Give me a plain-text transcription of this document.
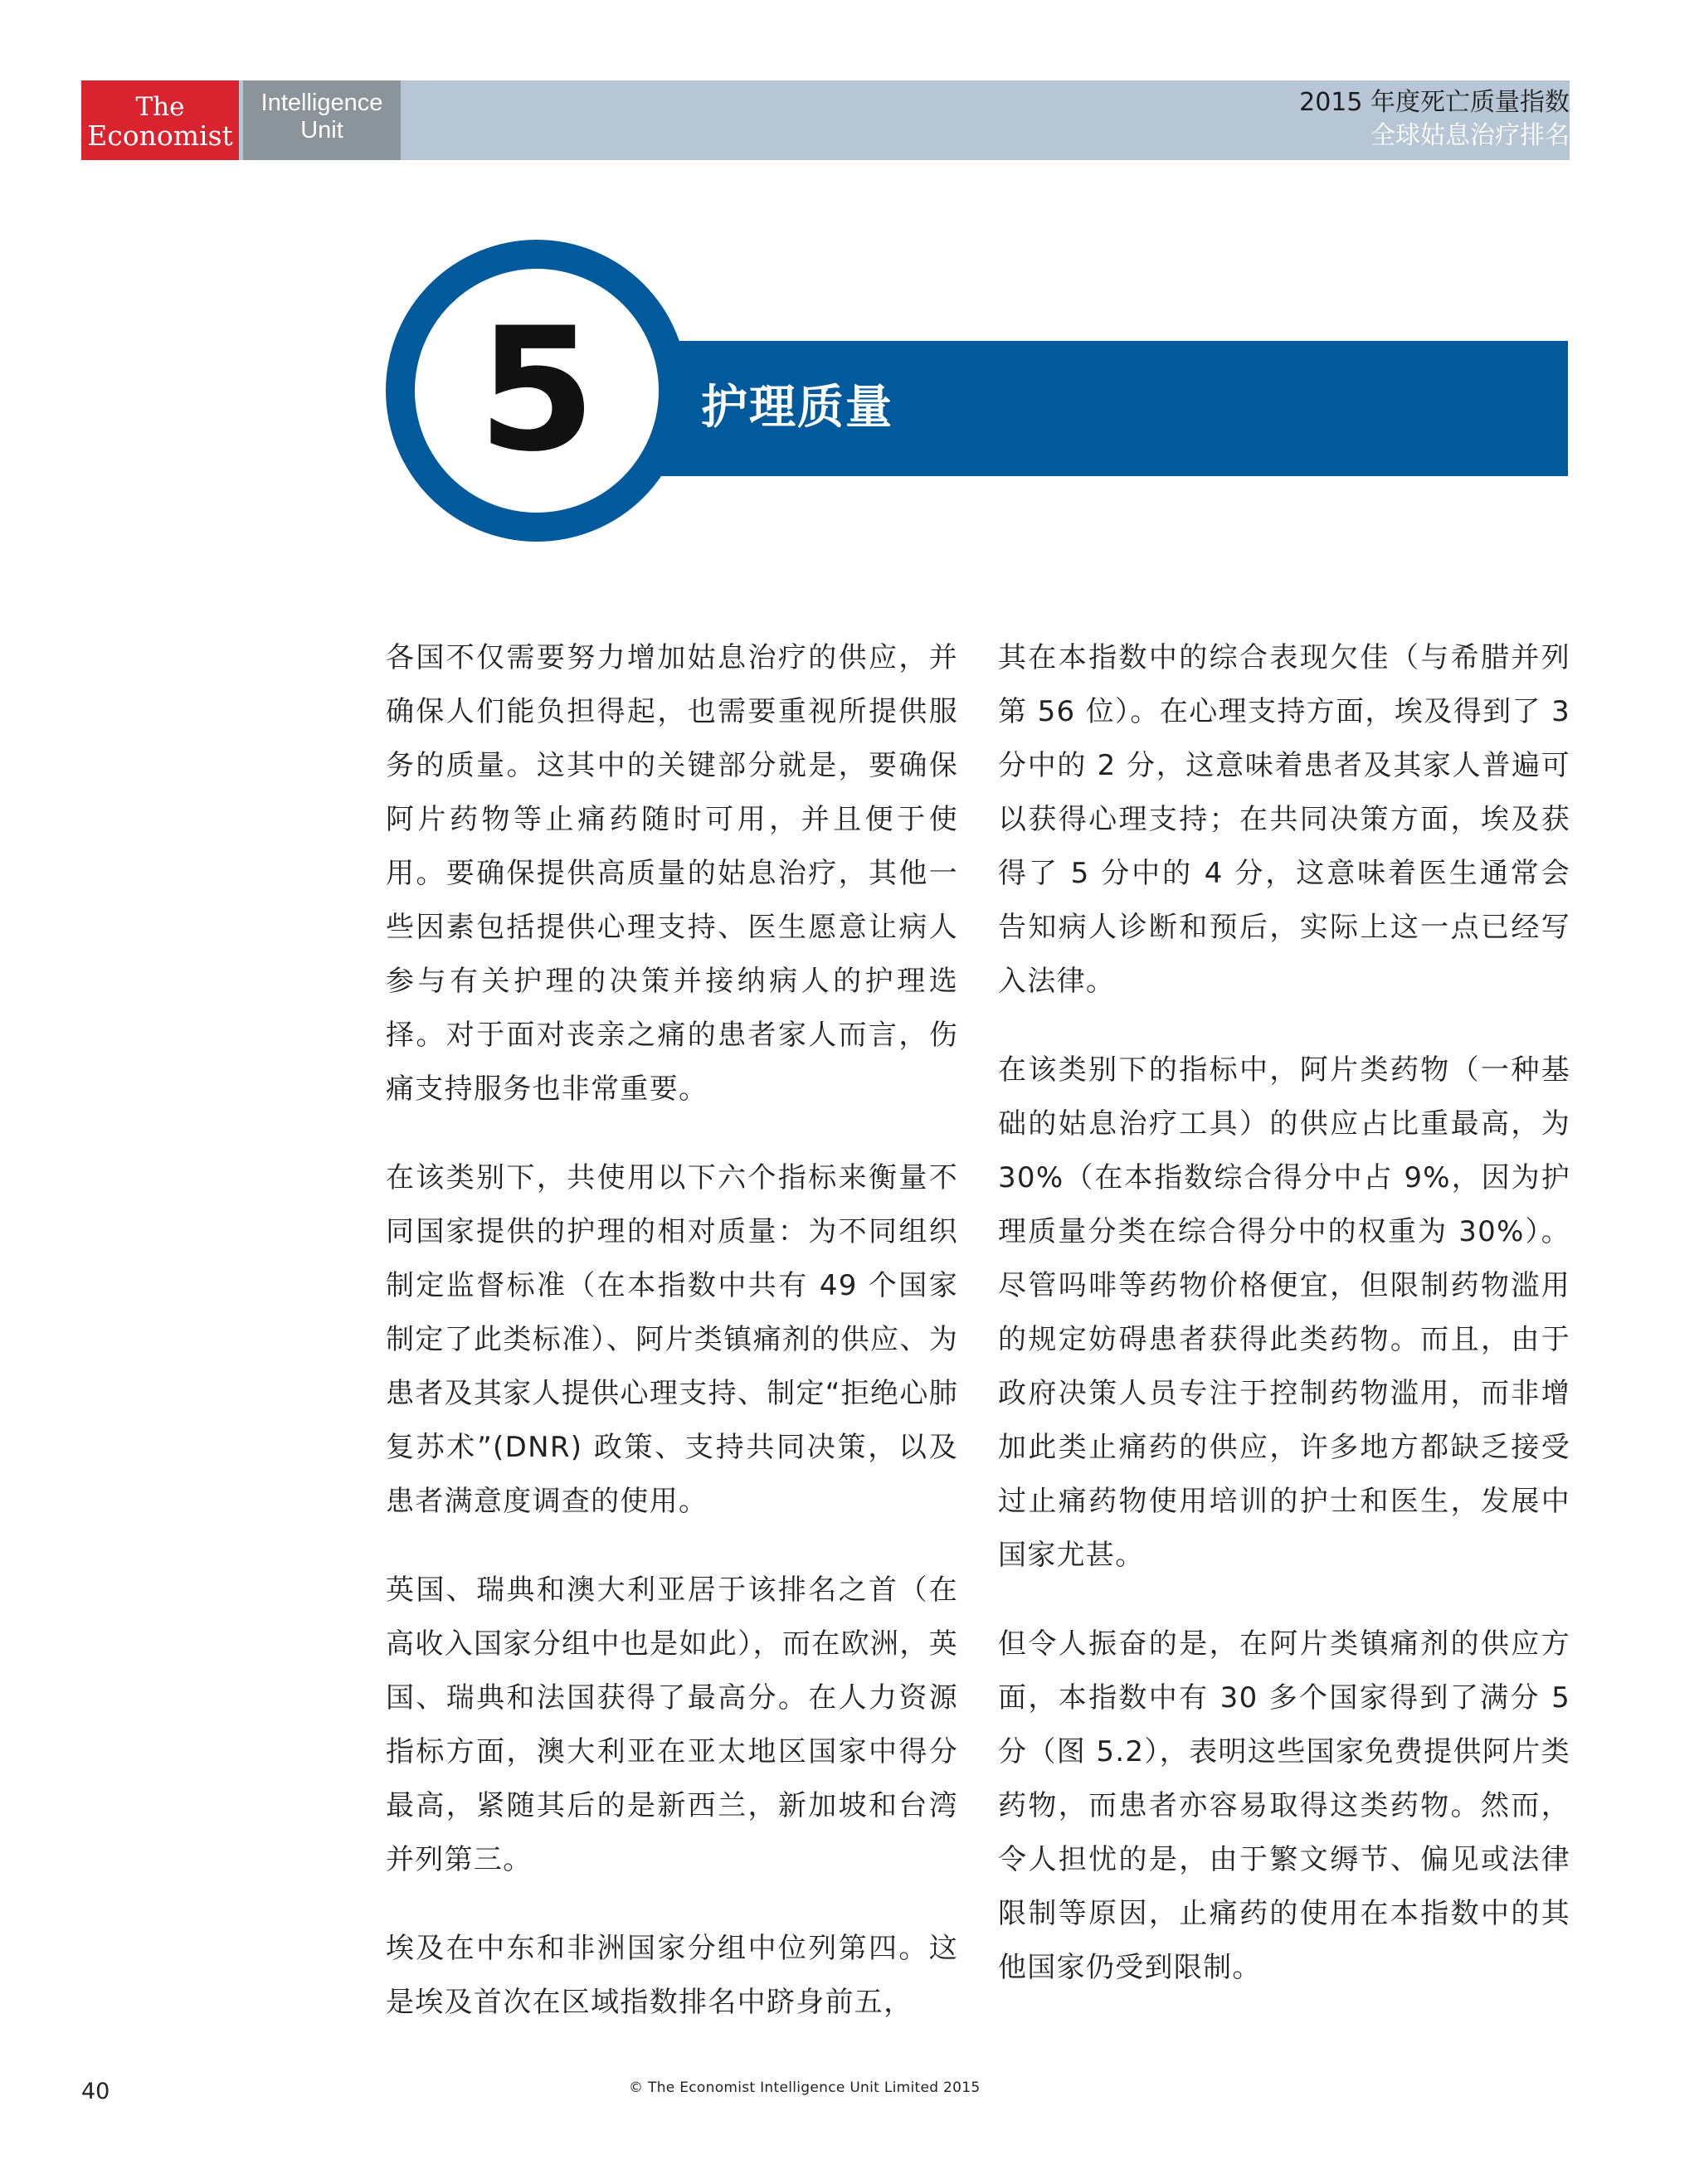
The
Economist
Intelligence
Unit
2015 年度死亡质量指数
全球姑息治疗排名
5	护理质量

各国不仅需要努力增加姑息治疗的供应，并确保人们能负担得起，也需要重视所提供服务的质量。这其中的关键部分就是，要确保阿片药物等止痛药随时可用，并且便于使用。要确保提供高质量的姑息治疗，其他一些因素包括提供心理支持、医生愿意让病人参与有关护理的决策并接纳病人的护理选择。对于面对丧亲之痛的患者家人而言，伤痛支持服务也非常重要。

在该类别下，共使用以下六个指标来衡量不同国家提供的护理的相对质量：为不同组织制定监督标准（在本指数中共有 49 个国家制定了此类标准）、阿片类镇痛剂的供应、为患者及其家人提供心理支持、制定“拒绝心肺复苏术”(DNR) 政策、支持共同决策，以及患者满意度调查的使用。

英国、瑞典和澳大利亚居于该排名之首（在高收入国家分组中也是如此），而在欧洲，英国、瑞典和法国获得了最高分。在人力资源指标方面，澳大利亚在亚太地区国家中得分最高，紧随其后的是新西兰，新加坡和台湾并列第三。

埃及在中东和非洲国家分组中位列第四。这是埃及首次在区域指数排名中跻身前五，

其在本指数中的综合表现欠佳（与希腊并列第 56 位）。在心理支持方面，埃及得到了 3 分中的 2 分，这意味着患者及其家人普遍可以获得心理支持；在共同决策方面，埃及获得了 5 分中的 4 分，这意味着医生通常会告知病人诊断和预后，实际上这一点已经写入法律。

在该类别下的指标中，阿片类药物（一种基础的姑息治疗工具）的供应占比重最高，为 30%（在本指数综合得分中占 9%，因为护理质量分类在综合得分中的权重为 30%）。尽管吗啡等药物价格便宜，但限制药物滥用的规定妨碍患者获得此类药物。而且，由于政府决策人员专注于控制药物滥用，而非增加此类止痛药的供应，许多地方都缺乏接受过止痛药物使用培训的护士和医生，发展中国家尤甚。

但令人振奋的是，在阿片类镇痛剂的供应方面，本指数中有 30 多个国家得到了满分 5 分（图 5.2），表明这些国家免费提供阿片类药物，而患者亦容易取得这类药物。然而，令人担忧的是，由于繁文缛节、偏见或法律限制等原因，止痛药的使用在本指数中的其他国家仍受到限制。

40	© The Economist Intelligence Unit Limited 2015
